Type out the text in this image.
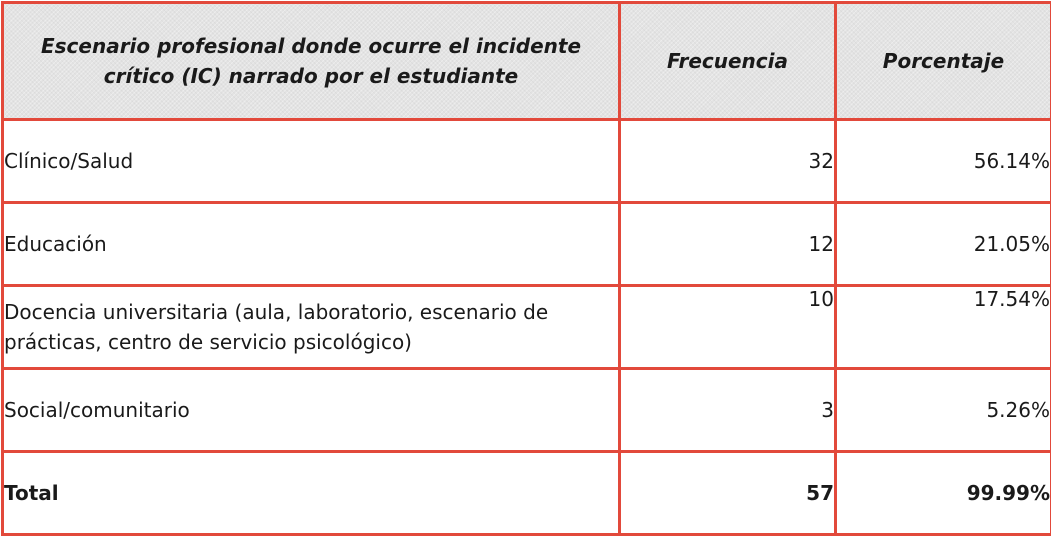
Escenario profesional donde ocurre el incidente crítico (IC) narrado por el estudiante	Frecuencia	Porcentaje
Clínico/Salud	32	56.14%
Educación	12	21.05%
Docencia universitaria (aula, laboratorio, escenario de prácticas, centro de servicio psicológico)	10	17.54%
Social/comunitario	3	5.26%
Total	57	99.99%
